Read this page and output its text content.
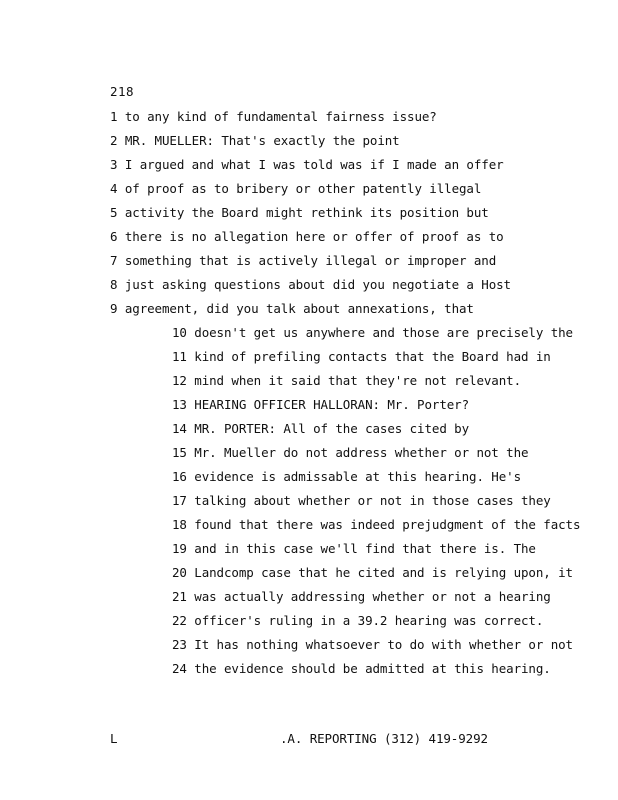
218
1 to any kind of fundamental fairness issue?
2 MR. MUELLER: That's exactly the point
3 I argued and what I was told was if I made an offer
4 of proof as to bribery or other patently illegal
5 activity the Board might rethink its position but
6 there is no allegation here or offer of proof as to
7 something that is actively illegal or improper and
8 just asking questions about did you negotiate a Host
9 agreement, did you talk about annexations, that
10 doesn't get us anywhere and those are precisely the
11 kind of prefiling contacts that the Board had in
12 mind when it said that they're not relevant.
13 HEARING OFFICER HALLORAN: Mr. Porter?
14 MR. PORTER: All of the cases cited by
15 Mr. Mueller do not address whether or not the
16 evidence is admissable at this hearing. He's
17 talking about whether or not in those cases they
18 found that there was indeed prejudgment of the facts
19 and in this case we'll find that there is. The
20 Landcomp case that he cited and is relying upon, it
21 was actually addressing whether or not a hearing
22 officer's ruling in a 39.2 hearing was correct.
23 It has nothing whatsoever to do with whether or not
24 the evidence should be admitted at this hearing.
L	.A. REPORTING (312) 419-9292
